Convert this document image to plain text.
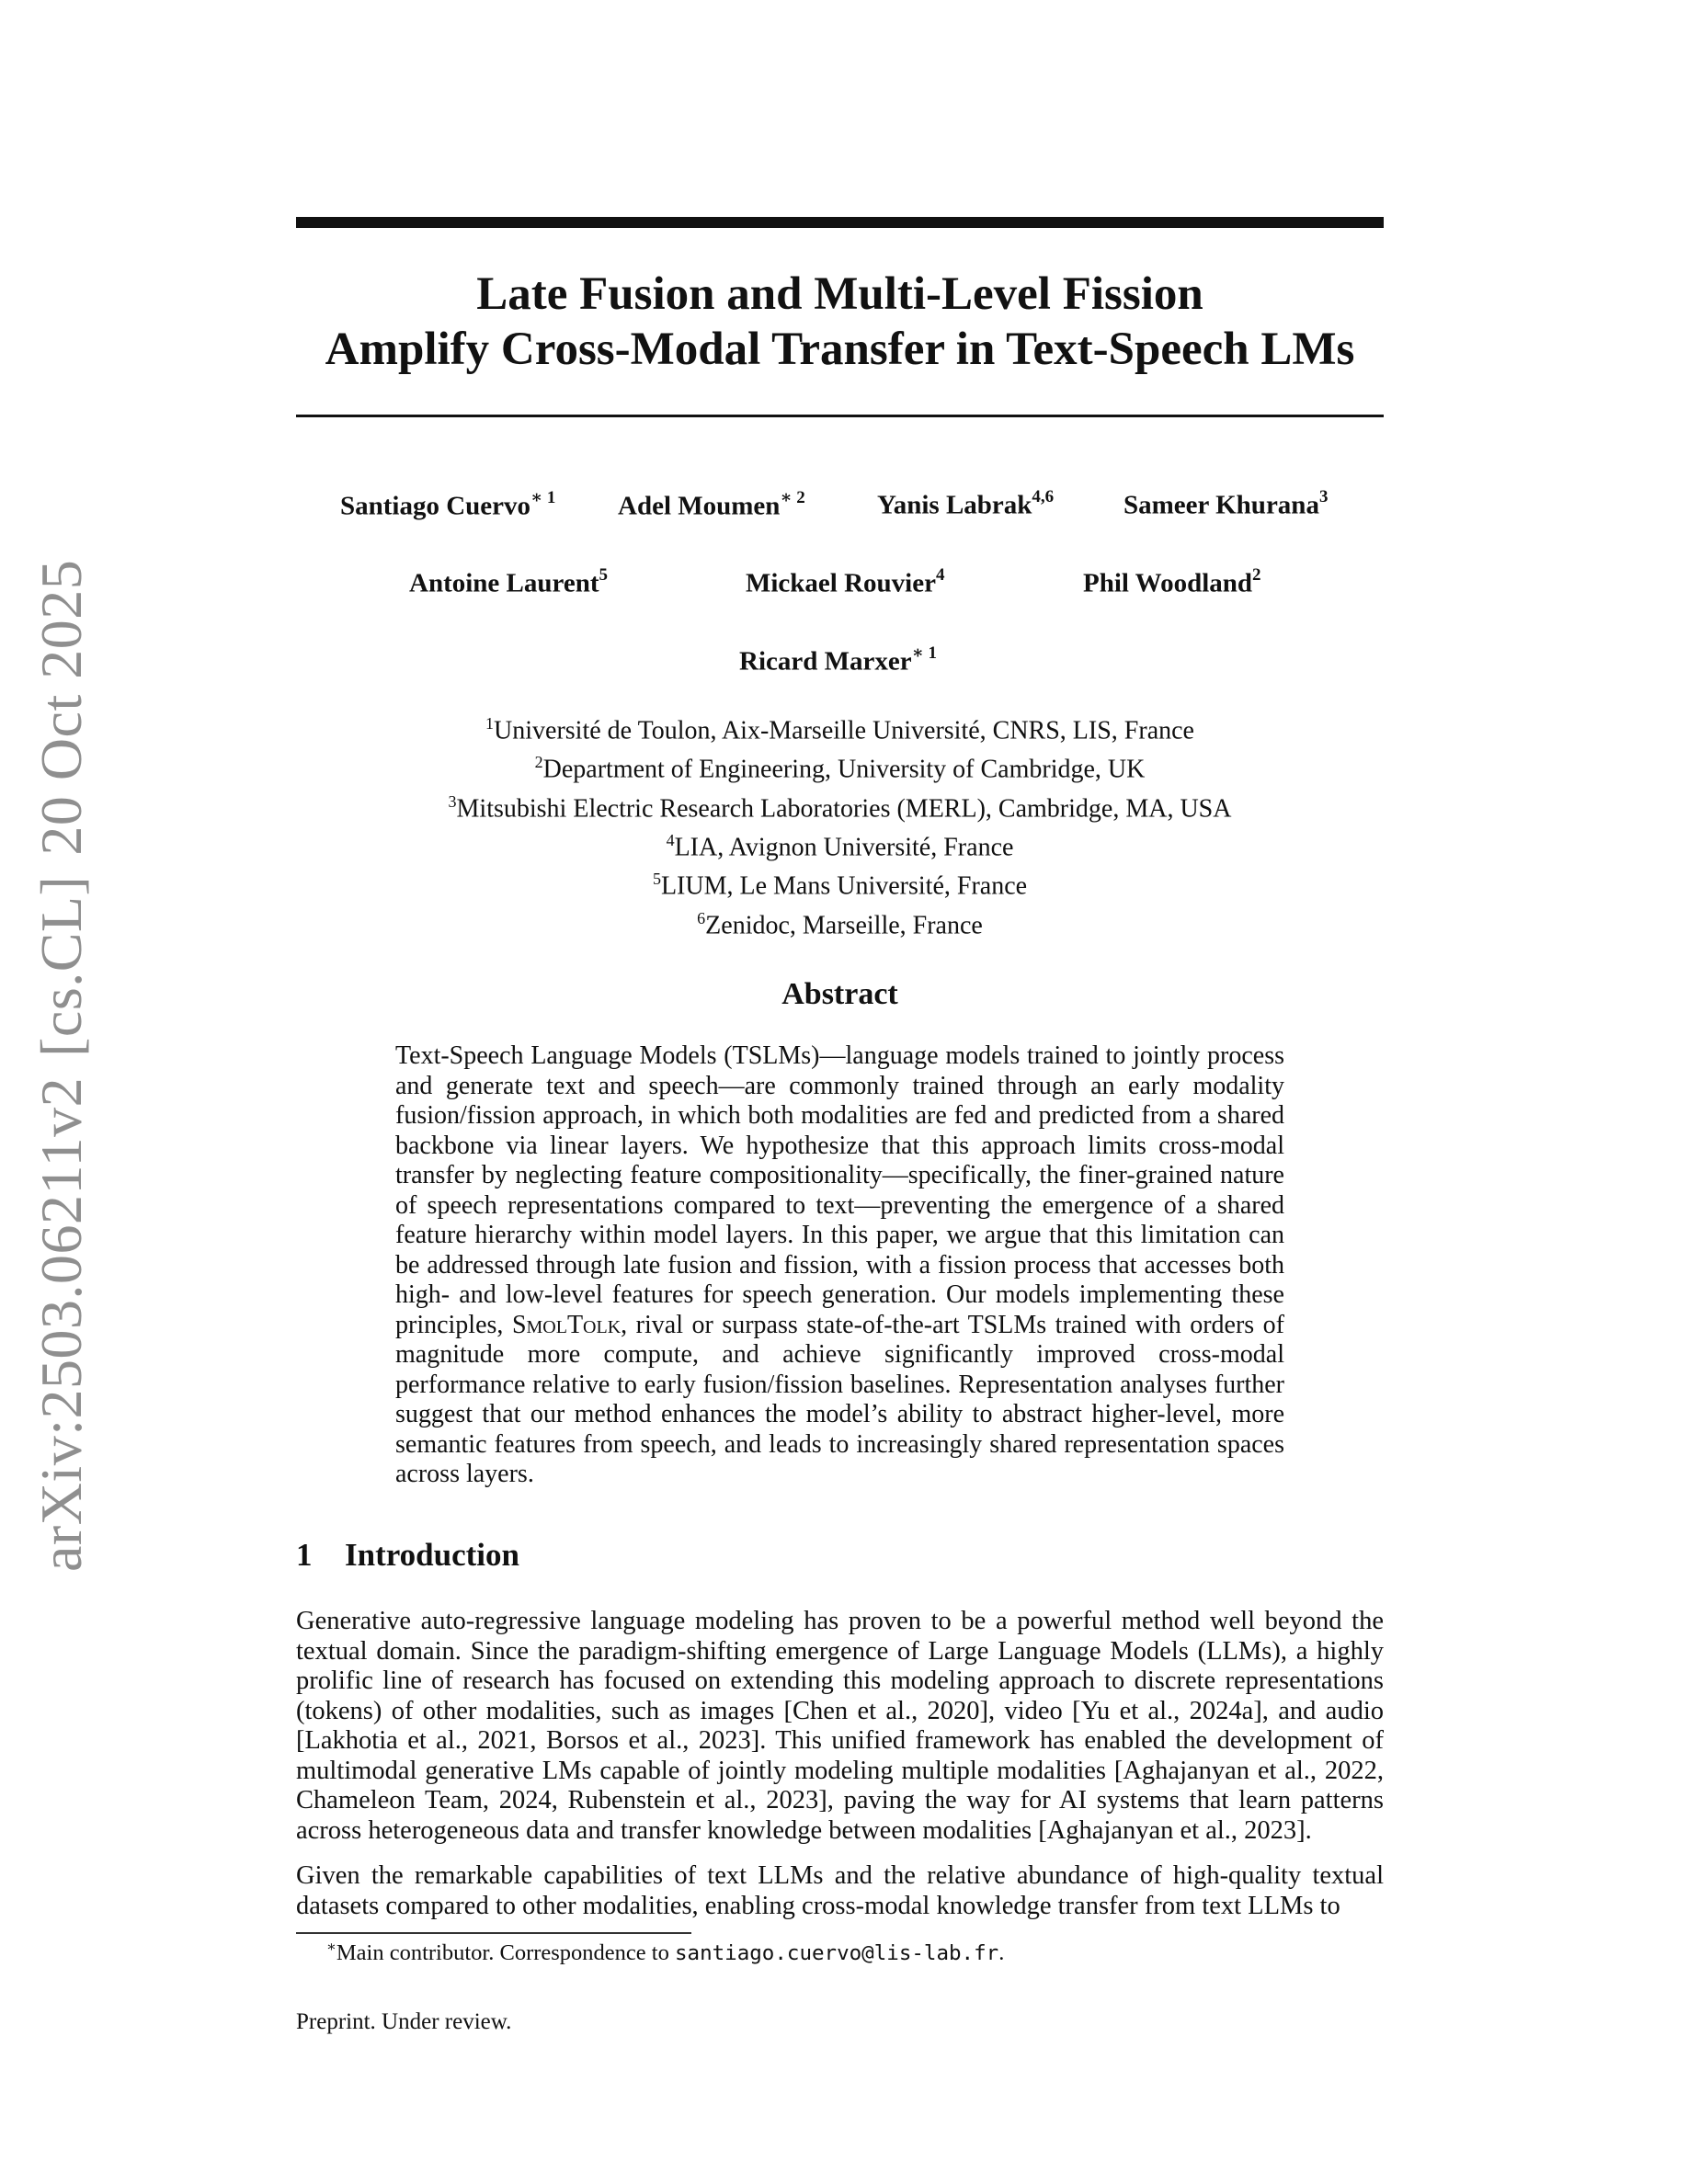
arXiv:2503.06211v2[cs.CL]20 Oct 2025
Late Fusion and Multi-Level Fission
Amplify Cross-Modal Transfer in Text-Speech LMs
Santiago Cuervo$^{∗ 1}$ Adel Moumen$^{∗ 2}$	Yanis Labrak$^{4,6}$	Sameer Khurana$^3$
Antoine Laurent$^5$	Mickael Rouvier$^4$	Phil Woodland$^2$
Ricard Marxer$^{∗ 1}$
$^1$Université de Toulon, Aix-Marseille Université, CNRS, LIS, France
$^2$Department of Engineering, University of Cambridge, UK
$^3$Mitsubishi Electric Research Laboratories (MERL), Cambridge, MA, USA
$^4$LIA, Avignon Université, France
$^5$LIUM, Le Mans Université, France
$^6$Zenidoc, Marseille, France
Abstract
Text-Speech Language Models (TSLMs)—language models trained to jointly process and generate text and speech—are commonly trained through an early modality fusion/fission approach, in which both modalities are fed and predicted from a shared backbone via linear layers. We hypothesize that this approach limits cross-modal transfer by neglecting feature compositionality—specifically, the finer-grained nature of speech representations compared to text—preventing the emergence of a shared feature hierarchy within model layers. In this paper, we argue that this limitation can be addressed through late fusion and fission, with a fission process that accesses both high- and low-level features for speech generation. Our models implementing these principles, SmolTolk, rival or surpass state-of-the-art TSLMs trained with orders of magnitude more compute, and achieve significantly improved cross-modal performance relative to early fusion/fission baselines. Representation analyses further suggest that our method enhances the model’s ability to abstract higher-level, more semantic features from speech, and leads to increasingly shared representation spaces across layers.
1 Introduction
Generative auto-regressive language modeling has proven to be a powerful method well beyond the textual domain. Since the paradigm-shifting emergence of Large Language Models (LLMs), a highly prolific line of research has focused on extending this modeling approach to discrete representations (tokens) of other modalities, such as images [Chen et al., 2020], video [Yu et al., 2024a], and audio [Lakhotia et al., 2021, Borsos et al., 2023]. This unified framework has enabled the development of multimodal generative LMs capable of jointly modeling multiple modalities [Aghajanyan et al., 2022, Chameleon Team, 2024, Rubenstein et al., 2023], paving the way for AI systems that learn patterns across heterogeneous data and transfer knowledge between modalities [Aghajanyan et al., 2023].
Given the remarkable capabilities of text LLMs and the relative abundance of high-quality textual datasets compared to other modalities, enabling cross-modal knowledge transfer from text LLMs to
∗Main contributor. Correspondence to santiago.cuervo@lis-lab.fr.
Preprint. Under review.
